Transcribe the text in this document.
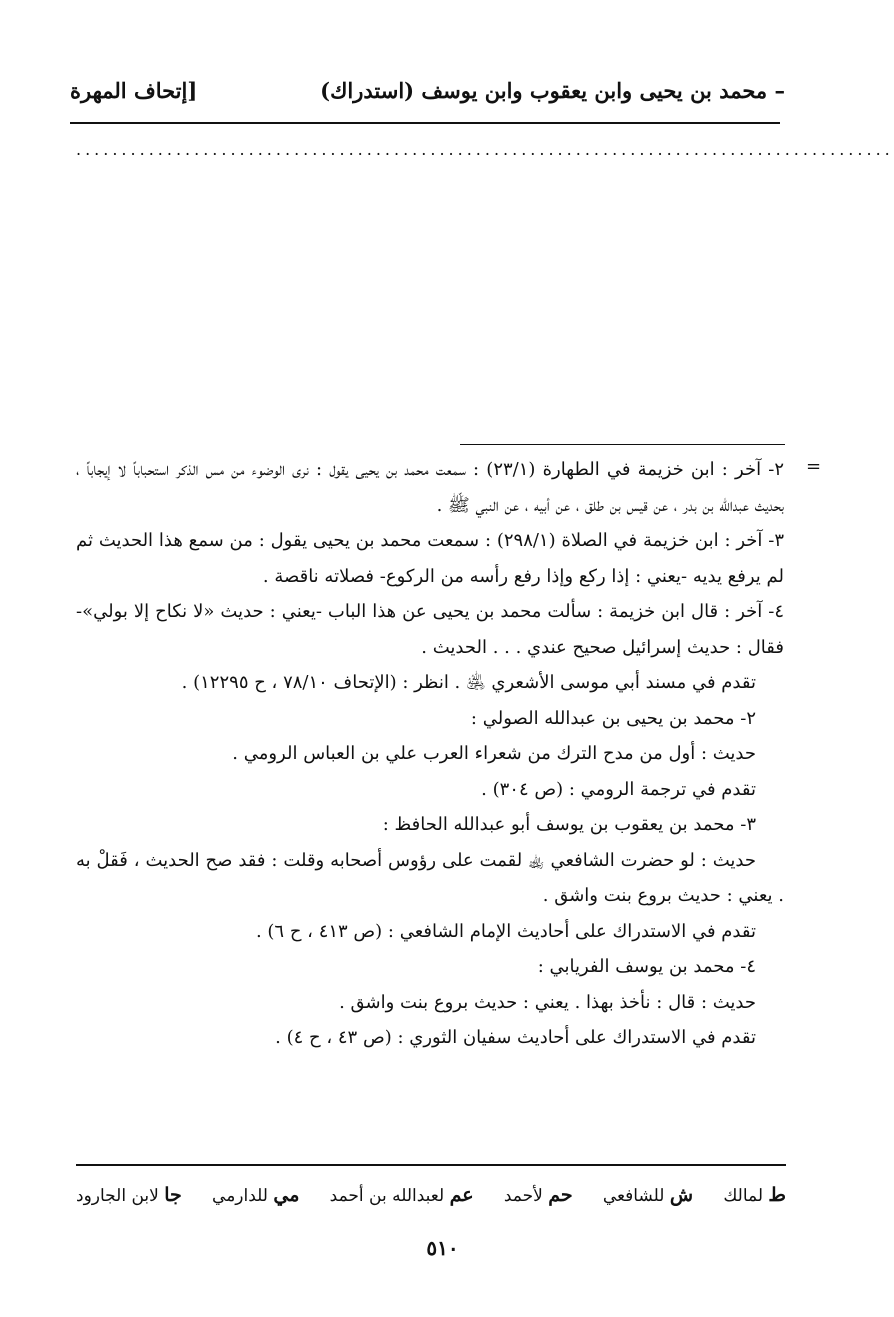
– محمد بن يحيى وابن يعقوب وابن يوسف (استدراك)
[إتحاف المهرة
..........................................................................................
=

٢- آخر : ابن خزيمة في الطهارة (٢٣/١) : سمعت محمد بن يحيى يقول : نرى الوضوء من مس الذكر استحباباً لا إيجاباً ، بحديث عبدالله بن بدر ، عن قيس بن طلق ، عن أبيه ، عن النبي ﷺ .

٣- آخر : ابن خزيمة في الصلاة (٢٩٨/١) : سمعت محمد بن يحيى يقول : من سمع هذا الحديث ثم لم يرفع يديه -يعني : إذا ركع وإذا رفع رأسه من الركوع- فصلاته ناقصة .

٤- آخر : قال ابن خزيمة : سألت محمد بن يحيى عن هذا الباب -يعني : حديث «لا نكاح إلا بولي»- فقال : حديث إسرائيل صحيح عندي . . . الحديث .

تقدم في مسند أبي موسى الأشعري ﵁ . انظر : (الإتحاف ٧٨/١٠ ، ح ١٢٢٩٥) .

٢- محمد بن يحيى بن عبدالله الصولي :

حديث : أول من مدح الترك من شعراء العرب علي بن العباس الرومي .

تقدم في ترجمة الرومي : (ص ٣٠٤) .

٣- محمد بن يعقوب بن يوسف أبو عبدالله الحافظ :

حديث : لو حضرت الشافعي ﵀ لقمت على رؤوس أصحابه وقلت : فقد صح الحديث ، فَقلْ به . يعني : حديث بروع بنت واشق .

تقدم في الاستدراك على أحاديث الإمام الشافعي : (ص ٤١٣ ، ح ٦) .

٤- محمد بن يوسف الفريابي :

حديث : قال : نأخذ بهذا . يعني : حديث بروع بنت واشق .

تقدم في الاستدراك على أحاديث سفيان الثوري : (ص ٤٣ ، ح ٤) .

ط لمالك
ش للشافعي
حم لأحمد
عم لعبدالله بن أحمد
مي للدارمي
جا لابن الجارود
٥١٠
